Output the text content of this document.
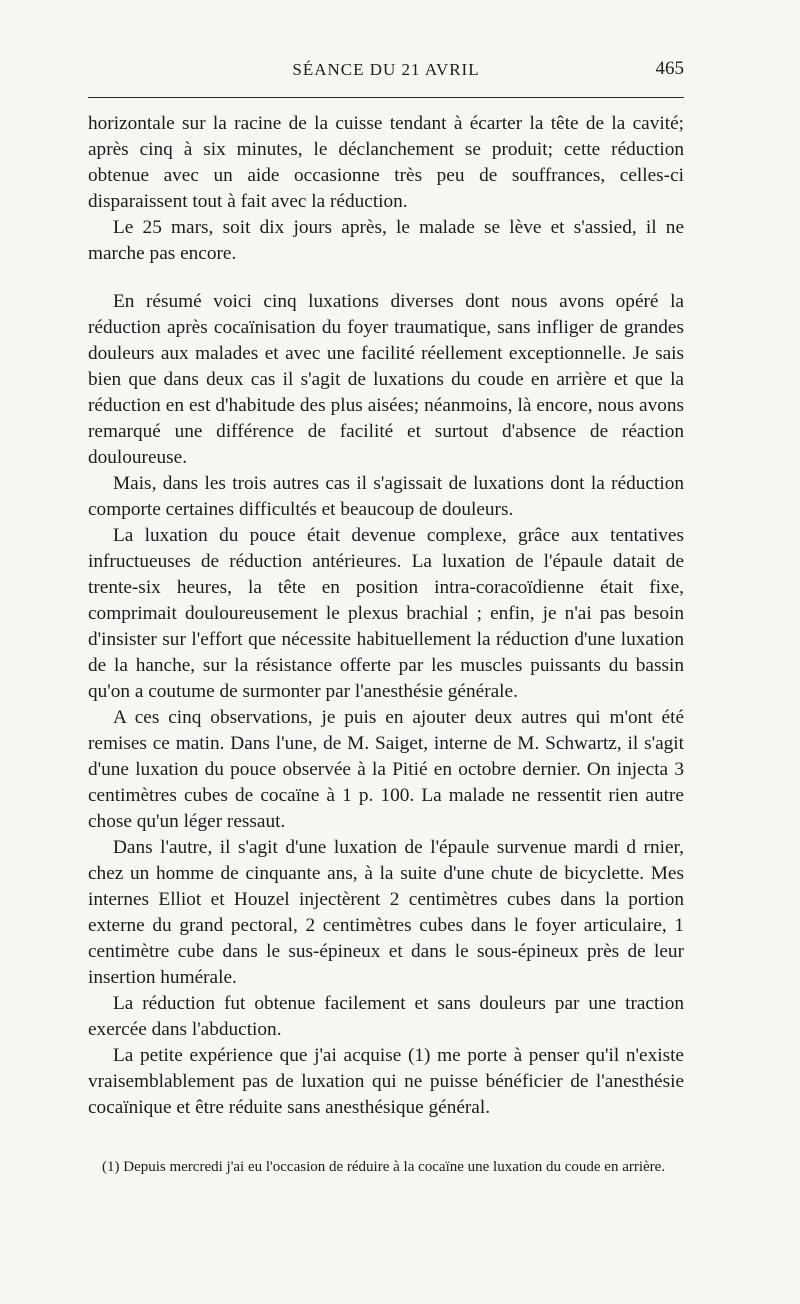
SÉANCE DU 21 AVRIL	465

horizontale sur la racine de la cuisse tendant à écarter la tête de la cavité; après cinq à six minutes, le déclanchement se produit; cette réduction obtenue avec un aide occasionne très peu de souffrances, celles-ci disparaissent tout à fait avec la réduction.

Le 25 mars, soit dix jours après, le malade se lève et s'assied, il ne marche pas encore.

En résumé voici cinq luxations diverses dont nous avons opéré la réduction après cocaïnisation du foyer traumatique, sans infliger de grandes douleurs aux malades et avec une facilité réellement exceptionnelle. Je sais bien que dans deux cas il s'agit de luxations du coude en arrière et que la réduction en est d'habitude des plus aisées; néanmoins, là encore, nous avons remarqué une différence de facilité et surtout d'absence de réaction douloureuse.

Mais, dans les trois autres cas il s'agissait de luxations dont la réduction comporte certaines difficultés et beaucoup de douleurs.

La luxation du pouce était devenue complexe, grâce aux tentatives infructueuses de réduction antérieures. La luxation de l'épaule datait de trente-six heures, la tête en position intra-coracoïdienne était fixe, comprimait douloureusement le plexus brachial ; enfin, je n'ai pas besoin d'insister sur l'effort que nécessite habituellement la réduction d'une luxation de la hanche, sur la résistance offerte par les muscles puissants du bassin qu'on a coutume de surmonter par l'anesthésie générale.

A ces cinq observations, je puis en ajouter deux autres qui m'ont été remises ce matin. Dans l'une, de M. Saiget, interne de M. Schwartz, il s'agit d'une luxation du pouce observée à la Pitié en octobre dernier. On injecta 3 centimètres cubes de cocaïne à 1 p. 100. La malade ne ressentit rien autre chose qu'un léger ressaut.

Dans l'autre, il s'agit d'une luxation de l'épaule survenue mardi d rnier, chez un homme de cinquante ans, à la suite d'une chute de bicyclette. Mes internes Elliot et Houzel injectèrent 2 centimètres cubes dans la portion externe du grand pectoral, 2 centimètres cubes dans le foyer articulaire, 1 centimètre cube dans le sus-épineux et dans le sous-épineux près de leur insertion humérale.

La réduction fut obtenue facilement et sans douleurs par une traction exercée dans l'abduction.

La petite expérience que j'ai acquise (1) me porte à penser qu'il n'existe vraisemblablement pas de luxation qui ne puisse bénéficier de l'anesthésie cocaïnique et être réduite sans anesthésique général.

(1) Depuis mercredi j'ai eu l'occasion de réduire à la cocaïne une luxation du coude en arrière.
